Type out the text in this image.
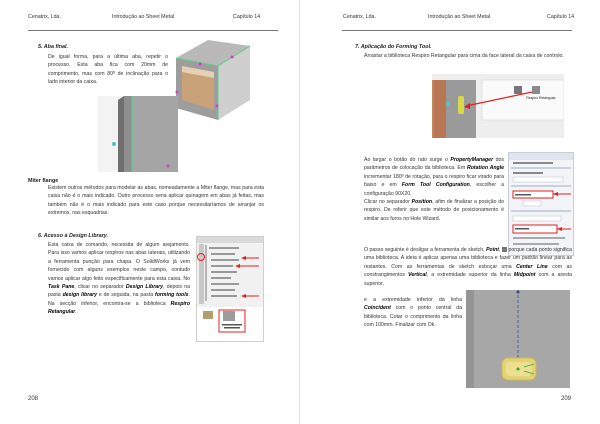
Cenatrix, Lda.	Introdução ao Sheet Metal	Capítulo 14
5. Aba final.
De igual forma, para a última aba, repetir o processo. Esta aba fica com 20mm de comprimento, mas com 80º de inclinação para o lado interior da caixa.
Miter flange
Existem outros métodos para modelar as abas, nomeadamente a Miter flange, mas para esta caixa não é o mais indicado. Outro processo seria aplicar quinagem em abas já feitas, mas também não é o mais indicado para este caso porque necessitaríamos de arranjar os extremos, nas esquadrias.
6. Acesso à Design Library.
Esta caixa de comando, necessita de algum arejamento. Para isso vamos aplicar respiros nas abas laterais, utilizando a ferramenta punção para chapa. O SolidWorks já vem fornecido com alguns exemplos neste campo, contudo vamos aplicar algo feito especificamente para esta caixa. No Task Pane, clicar no separador Design Library, depois na pasta design library e de seguida, na pasta forming tools. Na secção inferior, encontra-se a biblioteca Respiro Retangular.
208
Cenatrix, Lda.	Introdução ao Sheet Metal	Capítulo 14
7. Aplicação do Forming Tool.
Arrastar a biblioteca Respiro Retangular para cima da face lateral da caixa de controlo.
Respiro Retangular
Ao largar o botão do rato surge o PropertyManager dos parâmetros de colocação da biblioteca. Em Rotation Angle incrementar 180º de rotação, para o respiro ficar virado para baixo e em Form Tool Configuration, escolher a configuração 90X20.
Clicar no separador Position, afim de finalizar a posição do respiro. De referir que este método de posicionamento é similar aos furos no Hole Wizard.
O passo seguinte é desligar a ferramenta de sketch, Point,  porque cada ponto significa uma biblioteca. A ideia é aplicar apenas uma biblioteca e fazer um padrão linear para as restantes. Com as ferramentas de sketch esboçar uma Center Line com as constrangimentos Vertical, a extremidade superior da linha Midpoint com a aresta superior,
e a extremidade inferior da linha Coincident com o ponto central da biblioteca. Cotar o comprimento da linha com 100mm. Finalizar com Ok.
209
